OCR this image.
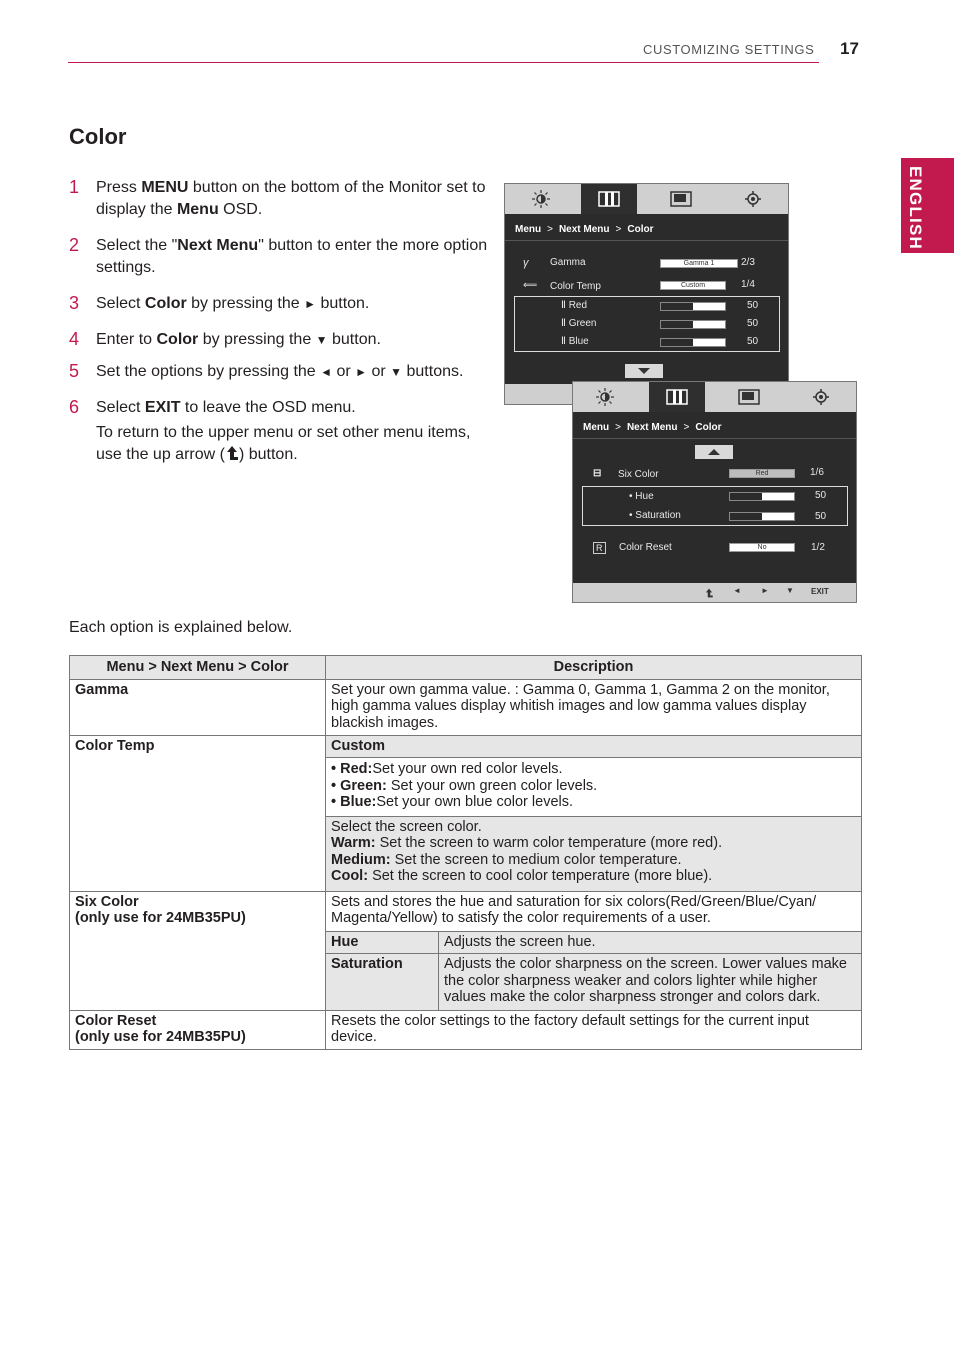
CUSTOMIZING SETTINGS 17
ENGLISH
Color
1 Press MENU button on the bottom of the Monitor set to display the Menu OSD.
2 Select the "Next Menu" button to enter the more option settings.
3 Select Color by pressing the ► button.
4 Enter to Color by pressing the ▼ button.
5 Set the options by pressing the ◄ or ► or ▼ buttons.
6 Select EXIT to leave the OSD menu.

To return to the upper menu or set other menu items, use the up arrow ( ) button.

Menu > Next Menu > Color
γ Gamma	Gamma 1	2/3
⟸ Color Temp	Custom	1/4
Ⅱ Red	50
Ⅱ Green	50
Ⅱ Blue	50
Menu > Next Menu > Color
⊟ Six Color	Red	1/6
• Hue	50
• Saturation	50
R	Color Reset	No	1/2
◄	► ▼ EXIT
Each option is explained below.
Menu > Next Menu > Color	Description	
Gamma	Set your own gamma value. : Gamma 0, Gamma 1, Gamma 2 on the monitor, high gamma values display whitish images and low gamma values display blackish images.	
Color Temp	Custom	

	• Red:Set your own red color levels.
• Green: Set your own green color levels.
• Blue:Set your own blue color levels.	

	Select the screen color.
Warm: Set the screen to warm color temperature (more red).
Medium: Set the screen to medium color temperature.
Cool: Set the screen to cool color temperature (more blue).	

Six Color
(only use for 24MB35PU)	Sets and stores the hue and saturation for six colors(Red/Green/Blue/Cyan/ Magenta/Yellow) to satisfy the color requirements of a user.	
	Hue	Adjusts the screen hue.
	Saturation	Adjusts the color sharpness on the screen. Lower values make the color sharpness weaker and colors lighter while higher values make the color sharpness stronger and colors dark.

Color Reset
(only use for 24MB35PU)	Resets the color settings to the factory default settings for the current input device.	
